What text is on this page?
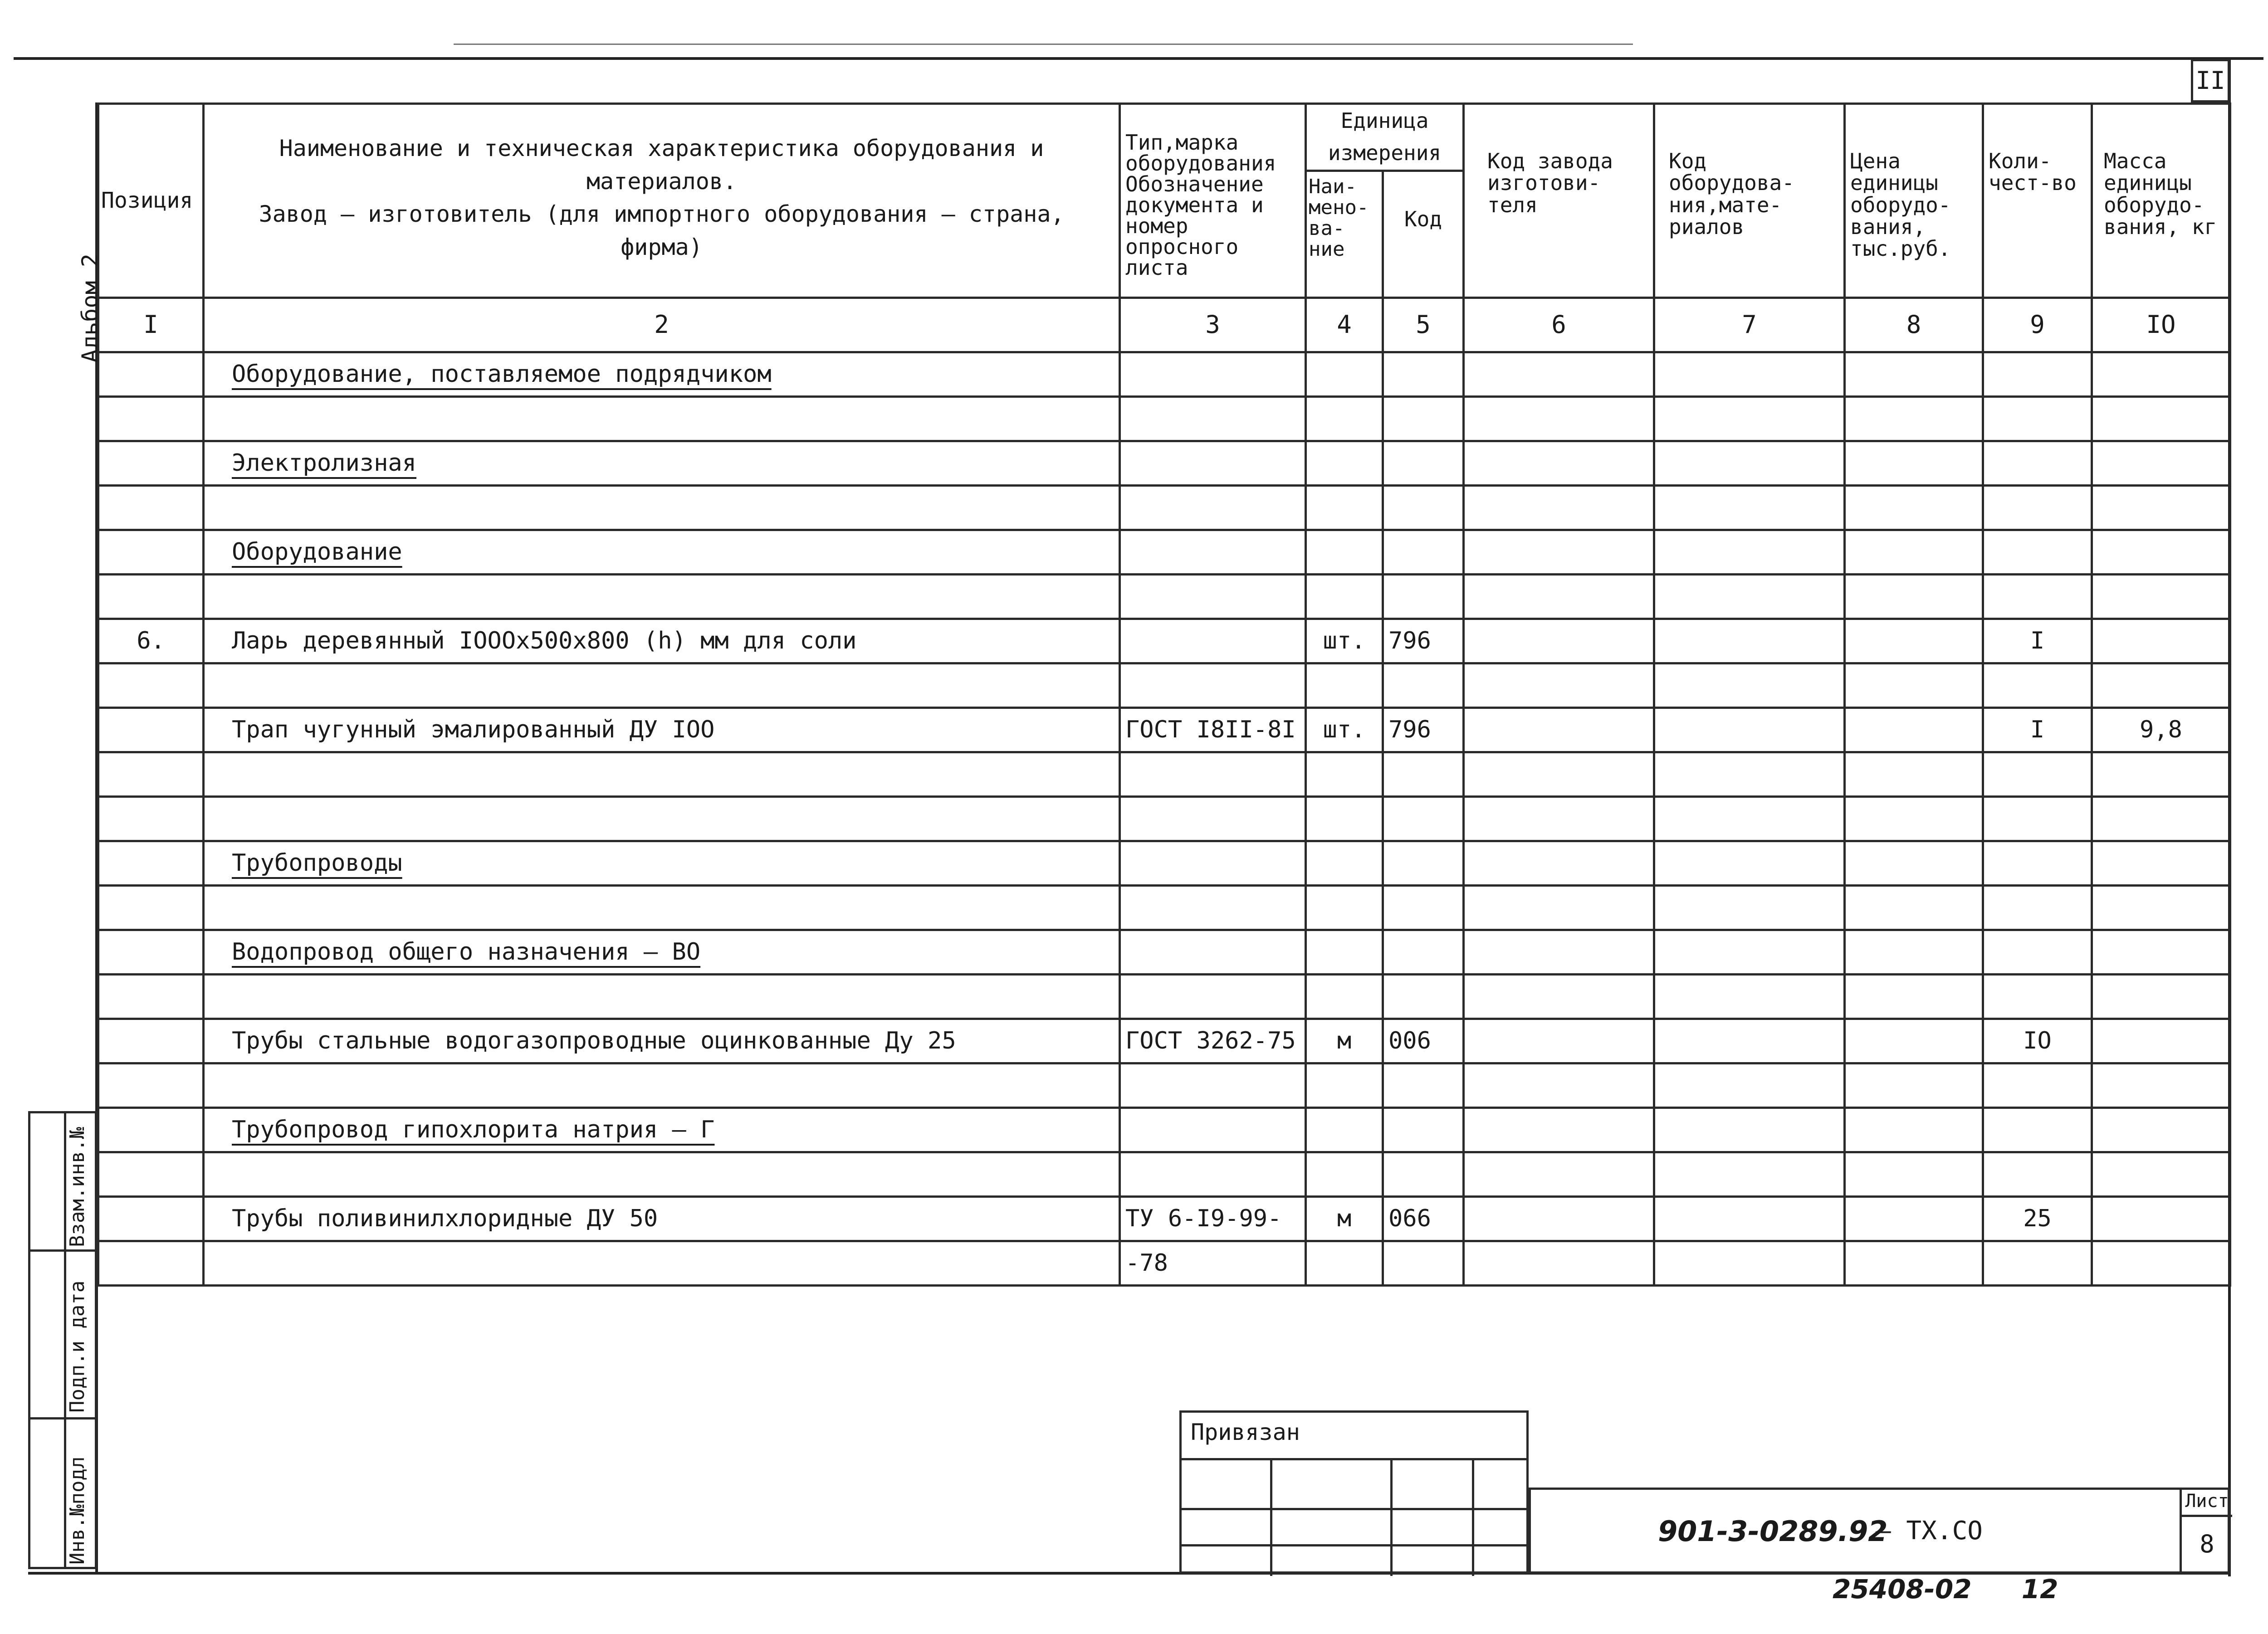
II
Альбом 2
Позиция	Наименование и техническая характеристика оборудования и
материалов.
Завод – изготовитель (для импортного оборудования – страна,
фирма)	Тип,марка оборудования Обозначение документа и номер опросного листа	Единица измерения		Код завода изготови-теля	Код оборудова-ния,мате-риалов	Цена единицы оборудо-вания, тыс.руб.	Коли-чест-во	Масса единицы оборудо-вания, кг
			Наи-мено-ва-ние	Код					
I	2	3	4	5	6	7	8	9	IO
	Оборудование, поставляемое подрядчиком								

	Электролизная								

	Оборудование								

6.	Ларь деревянный IOOOx500x800 (h) мм для соли		шт.	796				I	

	Трап чугунный эмалированный ДУ IOO	ГОСТ I8II-8I	шт.	796				I	9,8

	Трубопроводы								

	Водопровод общего назначения – ВО								

	Трубы стальные водогазопроводные оцинкованные Ду 25	ГОСТ 3262-75	м	006				IO	

	Трубопровод гипохлорита натрия – Г								

	Трубы поливинилхлоридные ДУ 50	ТУ 6-I9-99-	м	066				25	
		-78							
Взам.инв.№
Подп.и дата
Инв.№подл
Привязан
901-3-0289.92
– ТХ.СО
Лист
8
25408-02 12
